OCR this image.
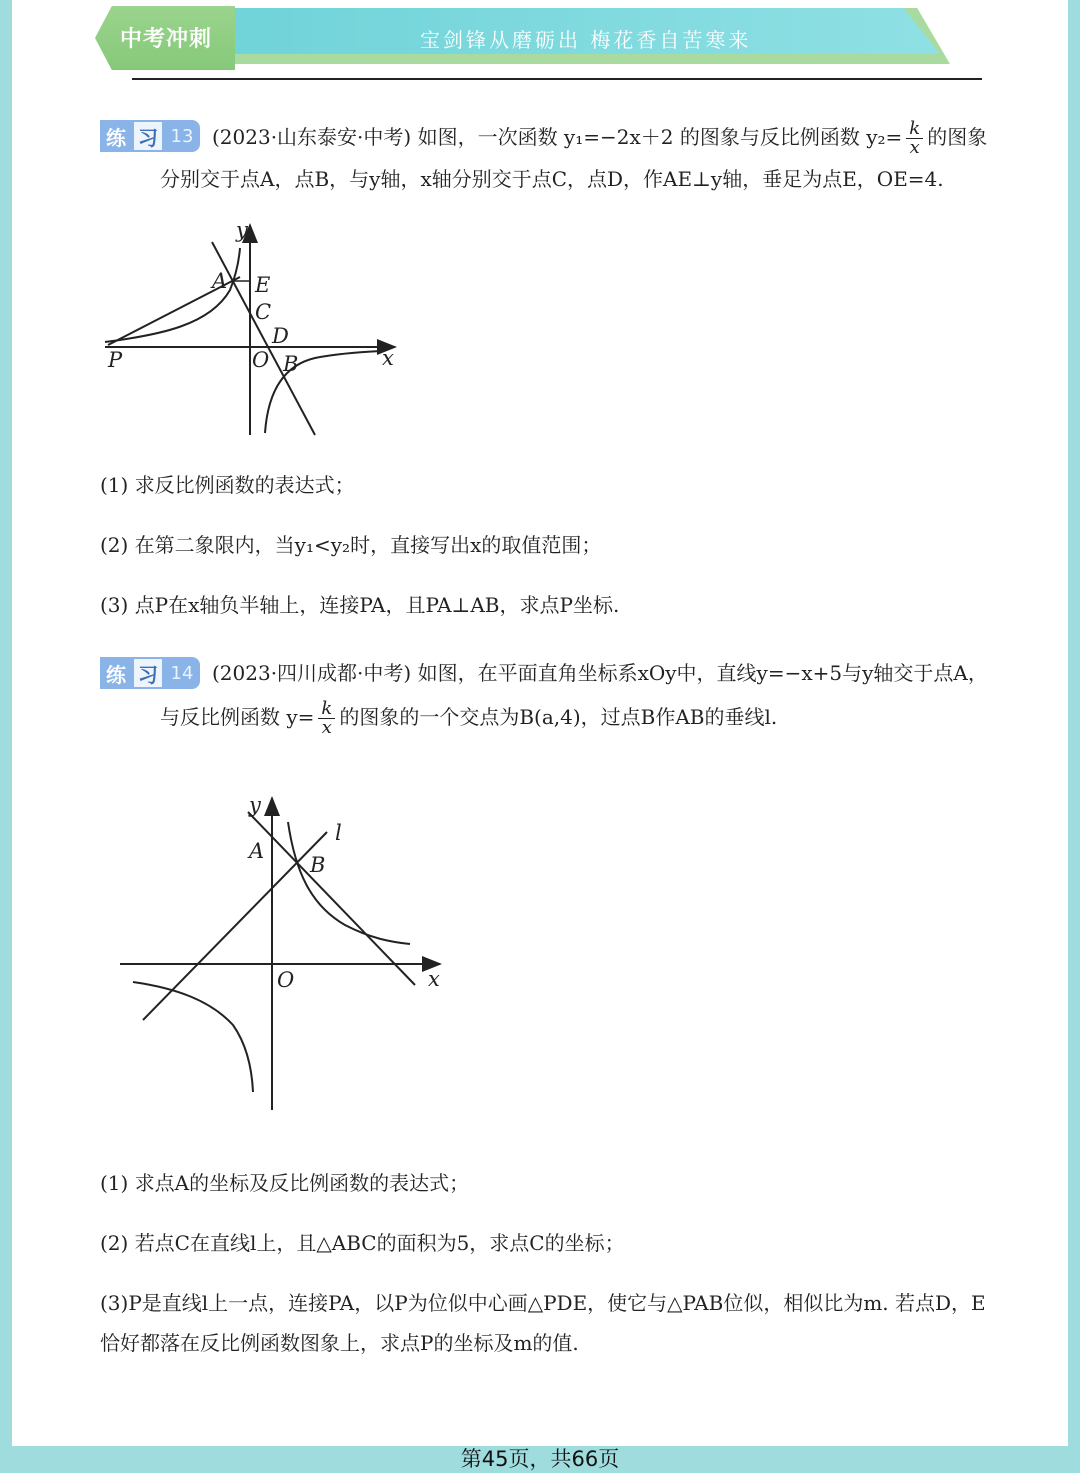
中考冲刺	宝剑锋从磨砺出 梅花香自苦寒来
练 习 13 (2023·山东泰安·中考) 如图，一次函数 y₁=−2x＋2 的图象与反比例函数 $y_2= \frac{k}{x}$ 的图象
分别交于点A，点B，与y轴，x轴分别交于点C，点D，作AE⊥y轴，垂足为点E，OE=4.
y
A E
C
D
O B	x
P
(1) 求反比例函数的表达式；
(2) 在第二象限内，当y₁<y₂时，直接写出x的取值范围；
(3) 点P在x轴负半轴上，连接PA，且PA⊥AB，求点P坐标.
练 习 14 (2023·四川成都·中考) 如图，在平面直角坐标系xOy中，直线y=−x+5与y轴交于点A，
与反比例函数 $y= \frac{k}{x}$ 的图象的一个交点为B(a,4)，过点B作AB的垂线l.
y
l
A
B
O	x
(1) 求点A的坐标及反比例函数的表达式；
(2) 若点C在直线l上，且△ABC的面积为5，求点C的坐标；
(3)P是直线l上一点，连接PA，以P为位似中心画△PDE，使它与△PAB位似，相似比为m. 若点D，E
恰好都落在反比例函数图象上，求点P的坐标及m的值.
第45页，共66页
